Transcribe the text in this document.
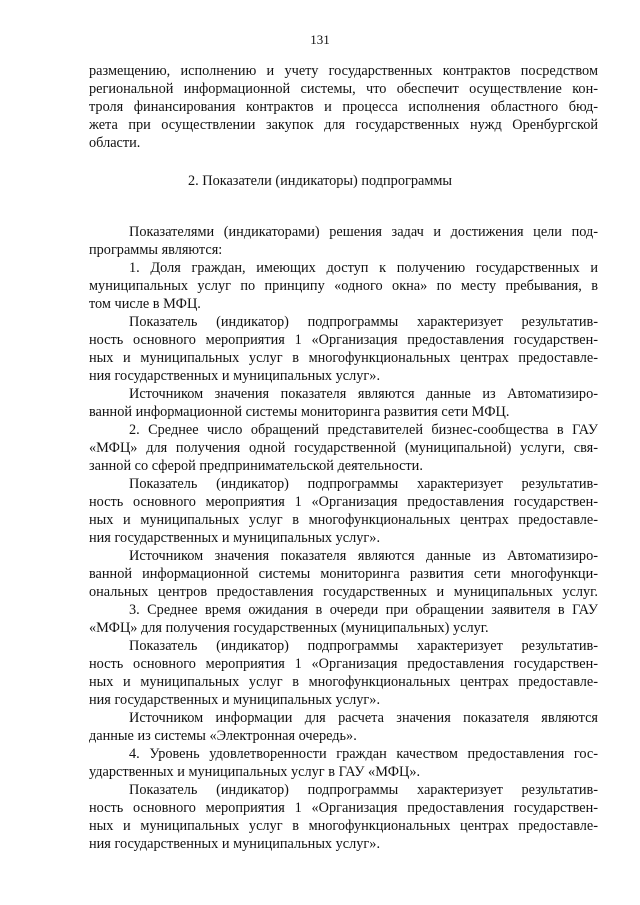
131
2. Показатели (индикаторы) подпрограммы
размещению, исполнению и учету государственных контрактов посредством
региональной информационной системы, что обеспечит осуществление кон-
троля финансирования контрактов и процесса исполнения областного бюд-
жета при осуществлении закупок для государственных нужд Оренбургской
области.
Показателями (индикаторами) решения задач и достижения цели под-
программы являются:
1. Доля граждан, имеющих доступ к получению государственных и
муниципальных услуг по принципу «одного окна» по месту пребывания, в
том числе в МФЦ.
Показатель (индикатор) подпрограммы характеризует результатив-
ность основного мероприятия 1 «Организация предоставления государствен-
ных и муниципальных услуг в многофункциональных центрах предоставле-
ния государственных и муниципальных услуг».
Источником значения показателя являются данные из Автоматизиро-
ванной информационной системы мониторинга развития сети МФЦ.
2. Среднее число обращений представителей бизнес-сообщества в ГАУ
«МФЦ» для получения одной государственной (муниципальной) услуги, свя-
занной со сферой предпринимательской деятельности.
Показатель (индикатор) подпрограммы характеризует результатив-
ность основного мероприятия 1 «Организация предоставления государствен-
ных и муниципальных услуг в многофункциональных центрах предоставле-
ния государственных и муниципальных услуг».
Источником значения показателя являются данные из Автоматизиро-
ванной информационной системы мониторинга развития сети многофункци-
ональных центров предоставления государственных и муниципальных услуг.
3. Среднее время ожидания в очереди при обращении заявителя в ГАУ
«МФЦ» для получения государственных (муниципальных) услуг.
Показатель (индикатор) подпрограммы характеризует результатив-
ность основного мероприятия 1 «Организация предоставления государствен-
ных и муниципальных услуг в многофункциональных центрах предоставле-
ния государственных и муниципальных услуг».
Источником информации для расчета значения показателя являются
данные из системы «Электронная очередь».
4. Уровень удовлетворенности граждан качеством предоставления гос-
ударственных и муниципальных услуг в ГАУ «МФЦ».
Показатель (индикатор) подпрограммы характеризует результатив-
ность основного мероприятия 1 «Организация предоставления государствен-
ных и муниципальных услуг в многофункциональных центрах предоставле-
ния государственных и муниципальных услуг».
